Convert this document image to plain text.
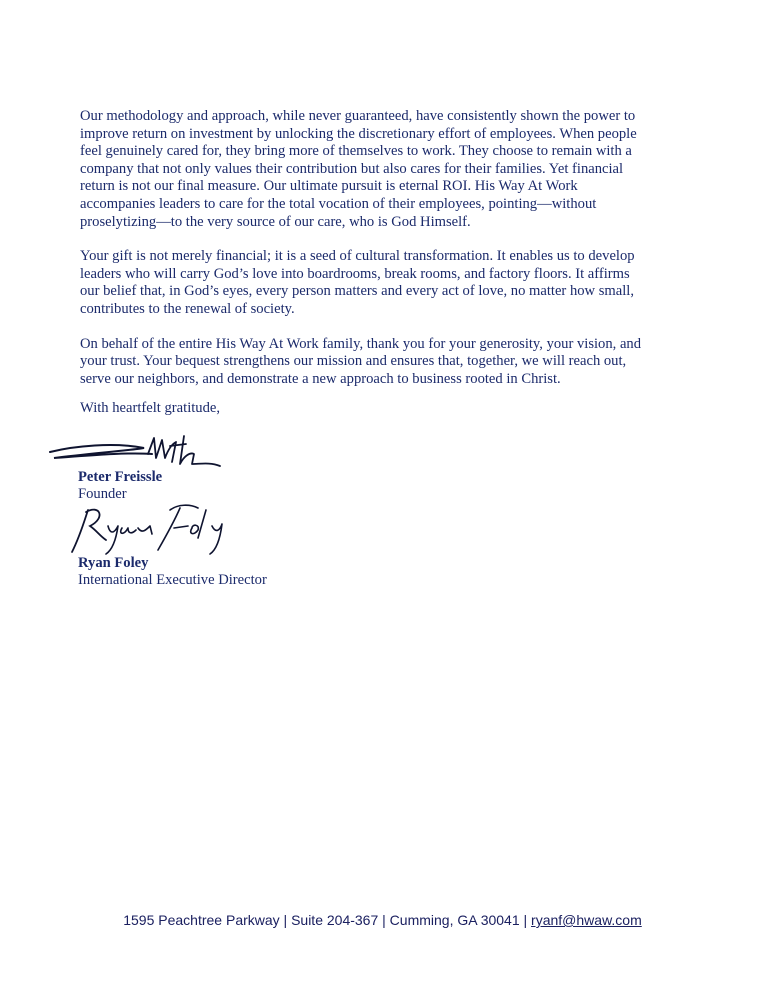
Our methodology and approach, while never guaranteed, have consistently shown the power to
improve return on investment by unlocking the discretionary effort of employees. When people
feel genuinely cared for, they bring more of themselves to work. They choose to remain with a
company that not only values their contribution but also cares for their families. Yet financial
return is not our final measure. Our ultimate pursuit is eternal ROI. His Way At Work
accompanies leaders to care for the total vocation of their employees, pointing—without
proselytizing—to the very source of our care, who is God Himself.

Your gift is not merely financial; it is a seed of cultural transformation. It enables us to develop
leaders who will carry God’s love into boardrooms, break rooms, and factory floors. It affirms
our belief that, in God’s eyes, every person matters and every act of love, no matter how small,
contributes to the renewal of society.

On behalf of the entire His Way At Work family, thank you for your generosity, your vision, and
your trust. Your bequest strengthens our mission and ensures that, together, we will reach out,
serve our neighbors, and demonstrate a new approach to business rooted in Christ.

With heartfelt gratitude,
Peter Freissle
Founder
Ryan Foley
International Executive Director
1595 Peachtree Parkway | Suite 204-367 | Cumming, GA 30041 | ryanf@hwaw.com
